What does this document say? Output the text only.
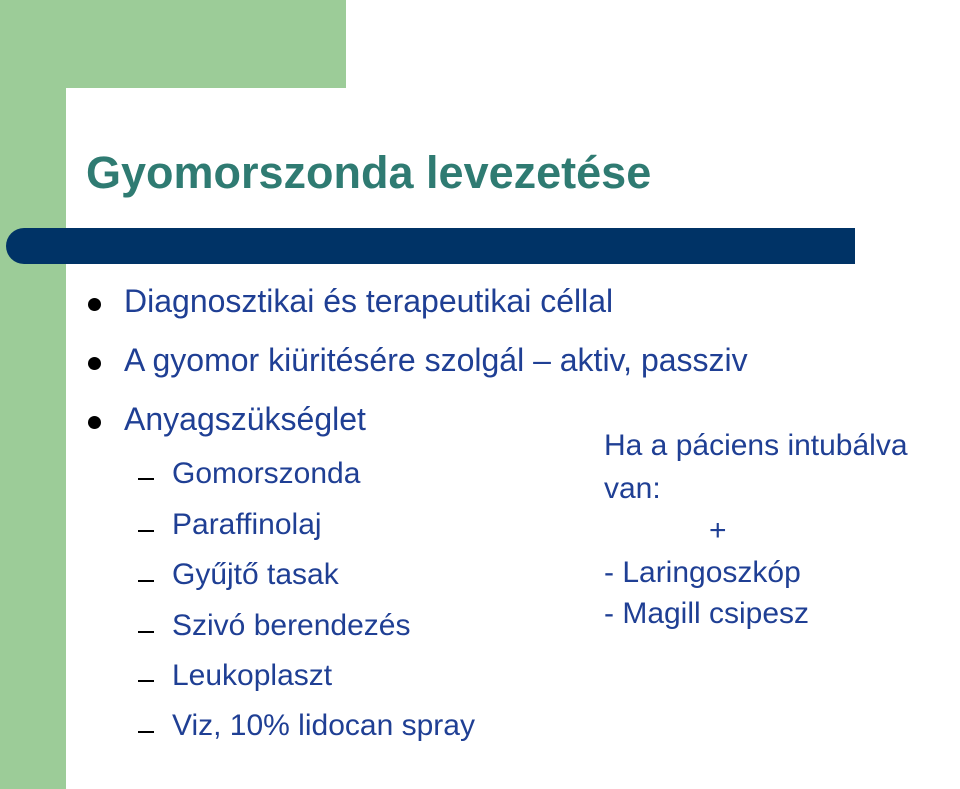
Gyomorszonda levezetése
Diagnosztikai és terapeutikai céllal
A gyomor kiüritésére szolgál – aktiv, passziv
Anyagszükséglet
Gomorszonda
Paraffinolaj
Gyűjtő tasak
Szivó berendezés
Leukoplaszt
Viz, 10% lidocan spray
Ha a páciens intubálva
van:
+
- Laringoszkóp
- Magill csipesz
